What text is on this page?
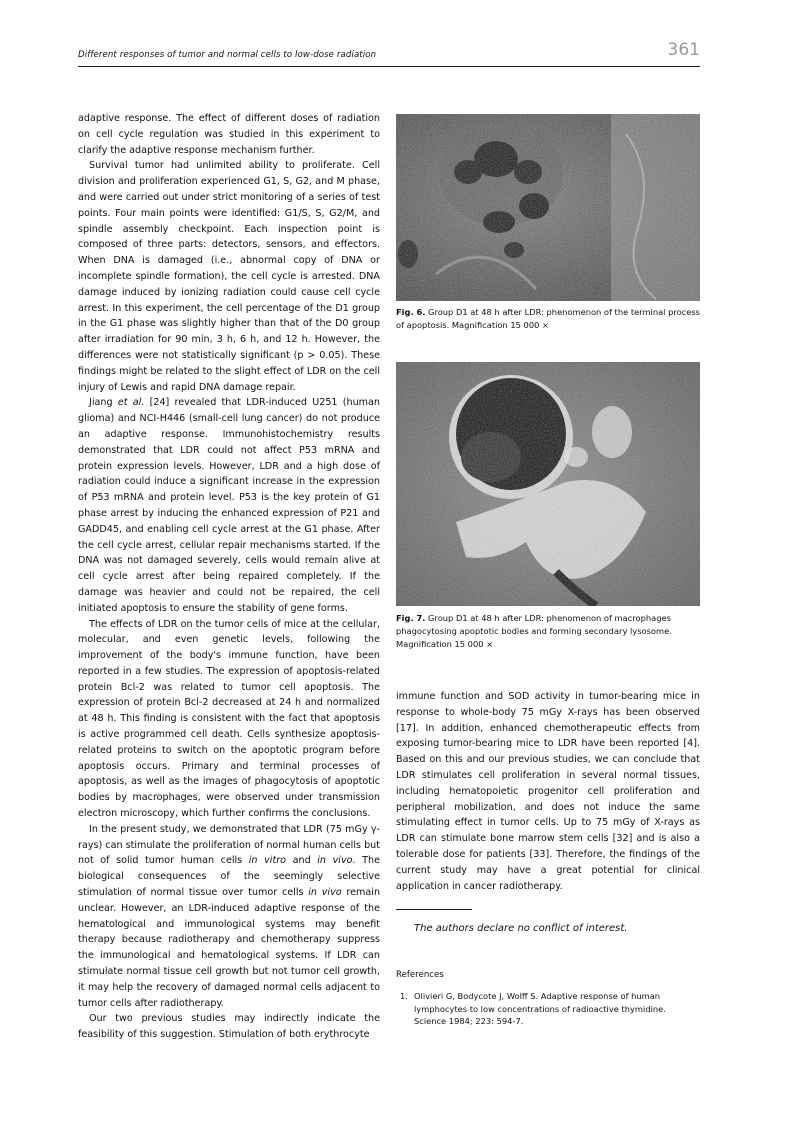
Different responses of tumor and normal cells to low-dose radiation	361

adaptive response. The effect of different doses of radiation on cell cycle regulation was studied in this experiment to clarify the adaptive response mechanism further.

Survival tumor had unlimited ability to proliferate. Cell division and proliferation experienced G1, S, G2, and M phase, and were carried out under strict monitoring of a series of test points. Four main points were identified: G1/S, S, G2/M, and spindle assembly checkpoint. Each inspection point is composed of three parts: detectors, sensors, and effectors. When DNA is damaged (i.e., abnormal copy of DNA or incomplete spindle formation), the cell cycle is arrested. DNA damage induced by ionizing radiation could cause cell cycle arrest. In this experiment, the cell percentage of the D1 group in the G1 phase was slightly higher than that of the D0 group after irradiation for 90 min, 3 h, 6 h, and 12 h. However, the differences were not statistically significant (p > 0.05). These findings might be related to the slight effect of LDR on the cell injury of Lewis and rapid DNA damage repair.

Jiang et al. [24] revealed that LDR-induced U251 (human glioma) and NCI-H446 (small-cell lung cancer) do not produce an adaptive response. Immunohistochemistry results demonstrated that LDR could not affect P53 mRNA and protein expression levels. However, LDR and a high dose of radiation could induce a significant increase in the expression of P53 mRNA and protein level. P53 is the key protein of G1 phase arrest by inducing the enhanced expression of P21 and GADD45, and enabling cell cycle arrest at the G1 phase. After the cell cycle arrest, cellular repair mechanisms started. If the DNA was not damaged severely, cells would remain alive at cell cycle arrest after being repaired completely. If the damage was heavier and could not be repaired, the cell initiated apoptosis to ensure the stability of gene forms.

The effects of LDR on the tumor cells of mice at the cellular, molecular, and even genetic levels, following the improvement of the body's immune function, have been reported in a few studies. The expression of apoptosis-related protein Bcl-2 was related to tumor cell apoptosis. The expression of protein Bcl-2 decreased at 24 h and normalized at 48 h. This finding is consistent with the fact that apoptosis is active programmed cell death. Cells synthesize apoptosis-related proteins to switch on the apoptotic program before apoptosis occurs. Primary and terminal processes of apoptosis, as well as the images of phagocytosis of apoptotic bodies by macrophages, were observed under transmission electron microscopy, which further confirms the conclusions.

In the present study, we demonstrated that LDR (75 mGy γ-rays) can stimulate the proliferation of normal human cells but not of solid tumor human cells in vitro and in vivo. The biological consequences of the seemingly selective stimulation of normal tissue over tumor cells in vivo remain unclear. However, an LDR-induced adaptive response of the hematological and immunological systems may benefit therapy because radiotherapy and chemotherapy suppress the immunological and hematological systems. If LDR can stimulate normal tissue cell growth but not tumor cell growth, it may help the recovery of damaged normal cells adjacent to tumor cells after radiotherapy.

Our two previous studies may indirectly indicate the feasibility of this suggestion. Stimulation of both erythrocyte

Fig. 6. Group D1 at 48 h after LDR: phenomenon of the terminal process of apoptosis. Magnification 15 000 ×
Fig. 7. Group D1 at 48 h after LDR: phenomenon of macrophages phagocytosing apoptotic bodies and forming secondary lysosome. Magnification 15 000 ×

immune function and SOD activity in tumor-bearing mice in response to whole-body 75 mGy X-rays has been observed [17]. In addition, enhanced chemotherapeutic effects from exposing tumor-bearing mice to LDR have been reported [4]. Based on this and our previous studies, we can conclude that LDR stimulates cell proliferation in several normal tissues, including hematopoietic progenitor cell proliferation and peripheral mobilization, and does not induce the same stimulating effect in tumor cells. Up to 75 mGy of X-rays as LDR can stimulate bone marrow stem cells [32] and is also a tolerable dose for patients [33]. Therefore, the findings of the current study may have a great potential for clinical application in cancer radiotherapy.

The authors declare no conflict of interest.
References
1. Olivieri G, Bodycote J, Wolff S. Adaptive response of human lymphocytes to low concentrations of radioactive thymidine. Science 1984; 223: 594-7.
